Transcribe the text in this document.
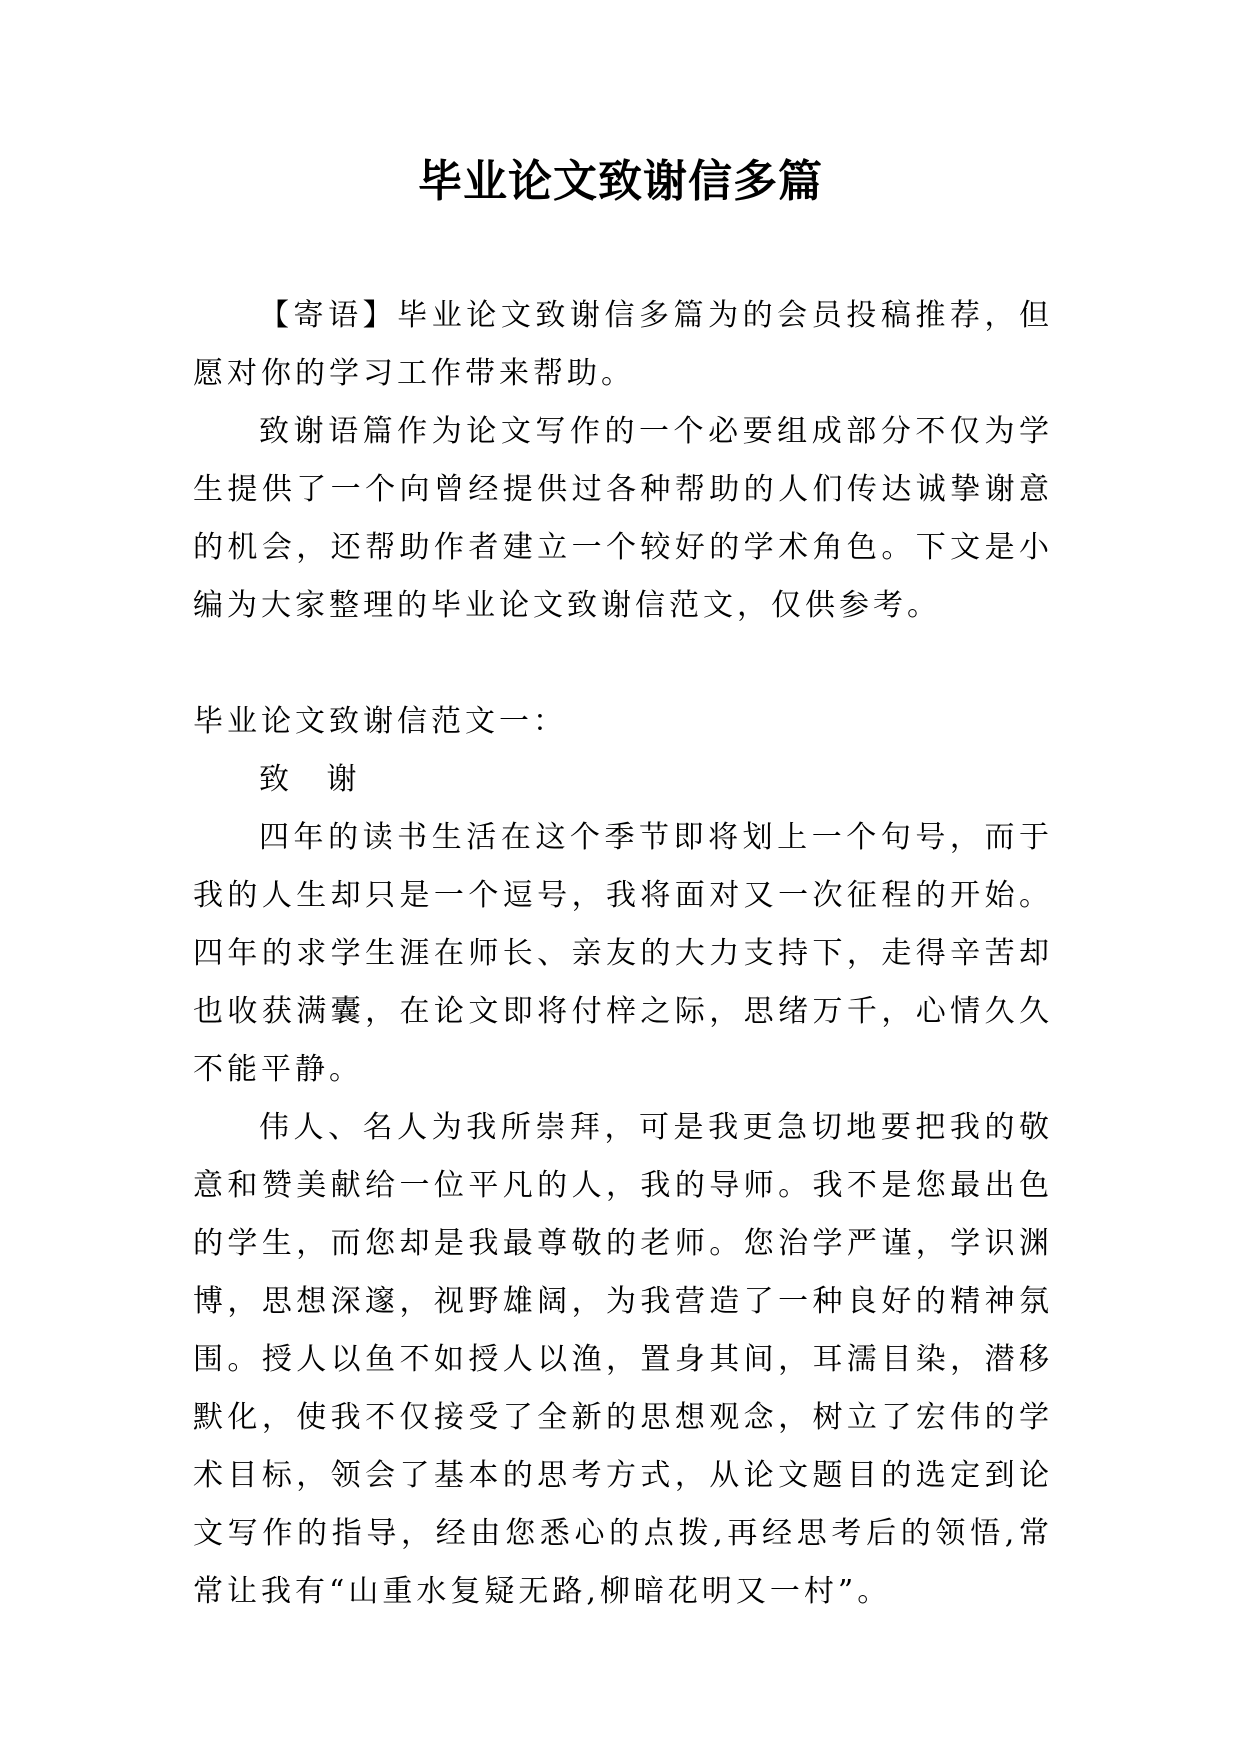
毕业论文致谢信多篇

【寄语】毕业论文致谢信多篇为的会员投稿推荐，但愿对你的学习工作带来帮助。

致谢语篇作为论文写作的一个必要组成部分不仅为学生提供了一个向曾经提供过各种帮助的人们传达诚挚谢意的机会，还帮助作者建立一个较好的学术角色。下文是小编为大家整理的毕业论文致谢信范文，仅供参考。

毕业论文致谢信范文一：

致 谢

四年的读书生活在这个季节即将划上一个句号，而于我的人生却只是一个逗号，我将面对又一次征程的开始。四年的求学生涯在师长、亲友的大力支持下，走得辛苦却也收获满囊，在论文即将付梓之际，思绪万千，心情久久不能平静。

伟人、名人为我所崇拜，可是我更急切地要把我的敬意和赞美献给一位平凡的人，我的导师。我不是您最出色的学生，而您却是我最尊敬的老师。您治学严谨，学识渊博，思想深邃，视野雄阔，为我营造了一种良好的精神氛围。授人以鱼不如授人以渔，置身其间，耳濡目染，潜移默化，使我不仅接受了全新的思想观念，树立了宏伟的学术目标，领会了基本的思考方式，从论文题目的选定到论文写作的指导，经由您悉心的点拨,再经思考后的领悟,常常让我有“山重水复疑无路,柳暗花明又一村”。
